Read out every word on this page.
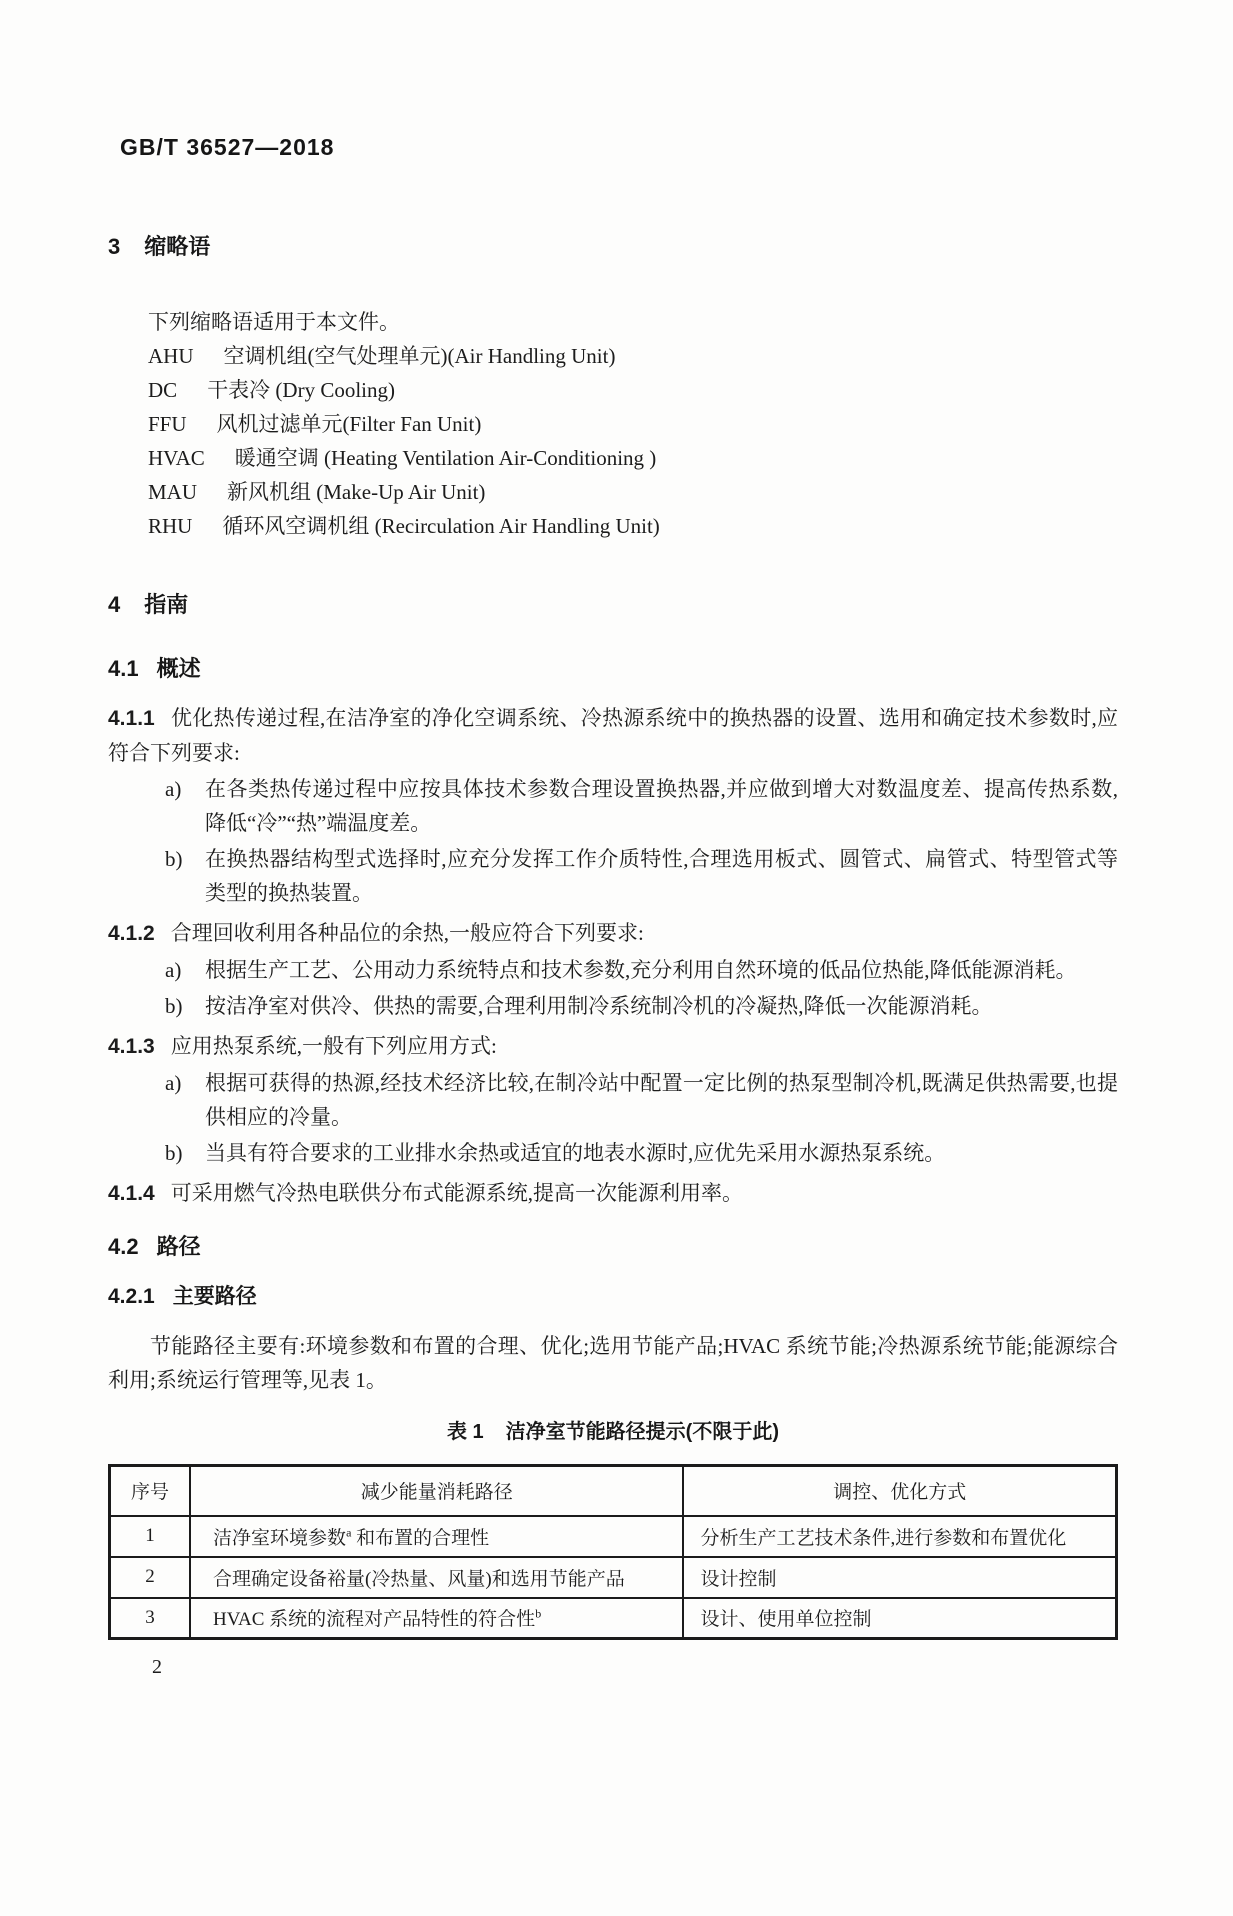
GB/T 36527—2018
3 缩略语
下列缩略语适用于本文件。
AHU 空调机组(空气处理单元)(Air Handling Unit)
DC 干表冷 (Dry Cooling)
FFU 风机过滤单元(Filter Fan Unit)
HVAC 暖通空调 (Heating Ventilation Air-Conditioning )
MAU 新风机组 (Make-Up Air Unit)
RHU 循环风空调机组 (Recirculation Air Handling Unit)
4 指南
4.1 概述
4.1.1 优化热传递过程,在洁净室的净化空调系统、冷热源系统中的换热器的设置、选用和确定技术参数时,应符合下列要求:
a)	在各类热传递过程中应按具体技术参数合理设置换热器,并应做到增大对数温度差、提高传热系数,降低“冷”“热”端温度差。
b)	在换热器结构型式选择时,应充分发挥工作介质特性,合理选用板式、圆管式、扁管式、特型管式等类型的换热装置。
4.1.2 合理回收利用各种品位的余热,一般应符合下列要求:
a)	根据生产工艺、公用动力系统特点和技术参数,充分利用自然环境的低品位热能,降低能源消耗。
b)	按洁净室对供冷、供热的需要,合理利用制冷系统制冷机的冷凝热,降低一次能源消耗。
4.1.3 应用热泵系统,一般有下列应用方式:
a)	根据可获得的热源,经技术经济比较,在制冷站中配置一定比例的热泵型制冷机,既满足供热需要,也提供相应的冷量。
b)	当具有符合要求的工业排水余热或适宜的地表水源时,应优先采用水源热泵系统。
4.1.4 可采用燃气冷热电联供分布式能源系统,提高一次能源利用率。
4.2 路径
4.2.1 主要路径
节能路径主要有:环境参数和布置的合理、优化;选用节能产品;HVAC 系统节能;冷热源系统节能;能源综合利用;系统运行管理等,见表 1。
表 1 洁净室节能路径提示(不限于此)
序号	减少能量消耗路径	调控、优化方式
1	洁净室环境参数$^a$ 和布置的合理性	分析生产工艺技术条件,进行参数和布置优化
2	合理确定设备裕量(冷热量、风量)和选用节能产品	设计控制
3	HVAC 系统的流程对产品特性的符合性$^b$	设计、使用单位控制
2
